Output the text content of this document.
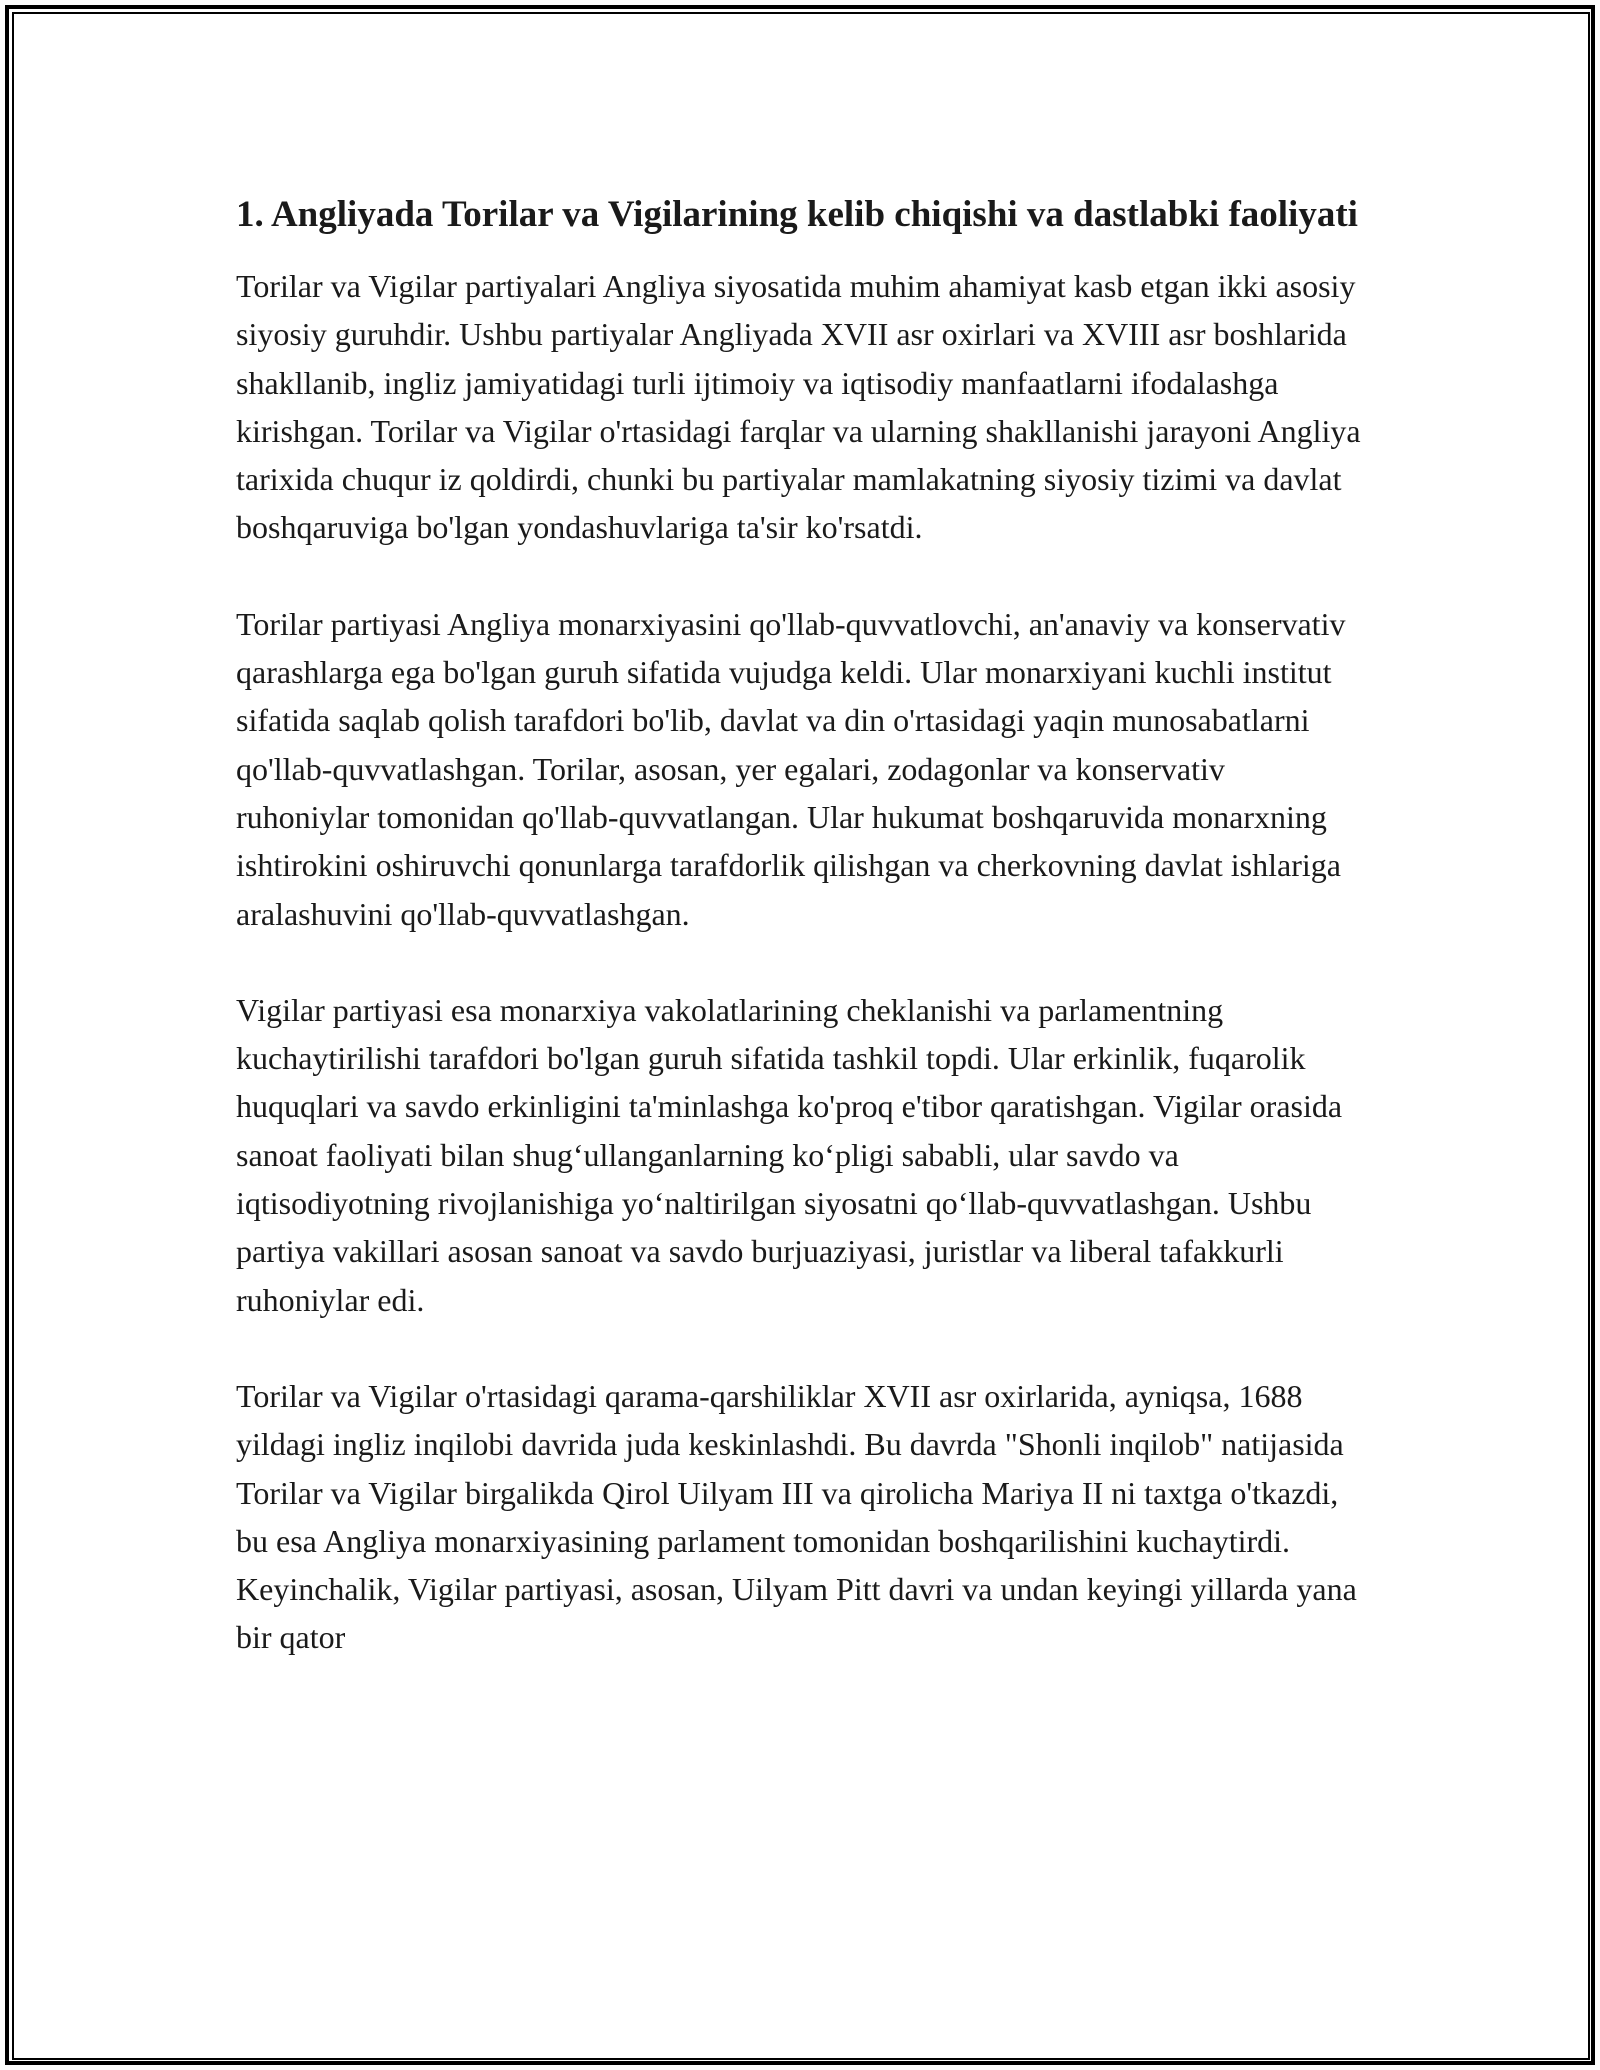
1. Angliyada Torilar va Vigilarining kelib chiqishi va dastlabki faoliyati

Torilar va Vigilar partiyalari Angliya siyosatida muhim ahamiyat kasb etgan ikki asosiy siyosiy guruhdir. Ushbu partiyalar Angliyada XVII asr oxirlari va XVIII asr boshlarida shakllanib, ingliz jamiyatidagi turli ijtimoiy va iqtisodiy manfaatlarni ifodalashga kirishgan. Torilar va Vigilar o'rtasidagi farqlar va ularning shakllanishi jarayoni Angliya tarixida chuqur iz qoldirdi, chunki bu partiyalar mamlakatning siyosiy tizimi va davlat boshqaruviga bo'lgan yondashuvlariga ta'sir ko'rsatdi.

Torilar partiyasi Angliya monarxiyasini qo'llab-quvvatlovchi, an'anaviy va konservativ qarashlarga ega bo'lgan guruh sifatida vujudga keldi. Ular monarxiyani kuchli institut sifatida saqlab qolish tarafdori bo'lib, davlat va din o'rtasidagi yaqin munosabatlarni qo'llab-quvvatlashgan. Torilar, asosan, yer egalari, zodagonlar va konservativ ruhoniylar tomonidan qo'llab-quvvatlangan. Ular hukumat boshqaruvida monarxning ishtirokini oshiruvchi qonunlarga tarafdorlik qilishgan va cherkovning davlat ishlariga aralashuvini qo'llab-quvvatlashgan.

Vigilar partiyasi esa monarxiya vakolatlarining cheklanishi va parlamentning kuchaytirilishi tarafdori bo'lgan guruh sifatida tashkil topdi. Ular erkinlik, fuqarolik huquqlari va savdo erkinligini ta'minlashga ko'proq e'tibor qaratishgan. Vigilar orasida sanoat faoliyati bilan shug‘ullanganlarning ko‘pligi sababli, ular savdo va iqtisodiyotning rivojlanishiga yo‘naltirilgan siyosatni qo‘llab-quvvatlashgan. Ushbu partiya vakillari asosan sanoat va savdo burjuaziyasi, juristlar va liberal tafakkurli ruhoniylar edi.

Torilar va Vigilar o'rtasidagi qarama-qarshiliklar XVII asr oxirlarida, ayniqsa, 1688 yildagi ingliz inqilobi davrida juda keskinlashdi. Bu davrda "Shonli inqilob" natijasida Torilar va Vigilar birgalikda Qirol Uilyam III va qirolicha Mariya II ni taxtga o'tkazdi, bu esa Angliya monarxiyasining parlament tomonidan boshqarilishini kuchaytirdi. Keyinchalik, Vigilar partiyasi, asosan, Uilyam Pitt davri va undan keyingi yillarda yana bir qator
